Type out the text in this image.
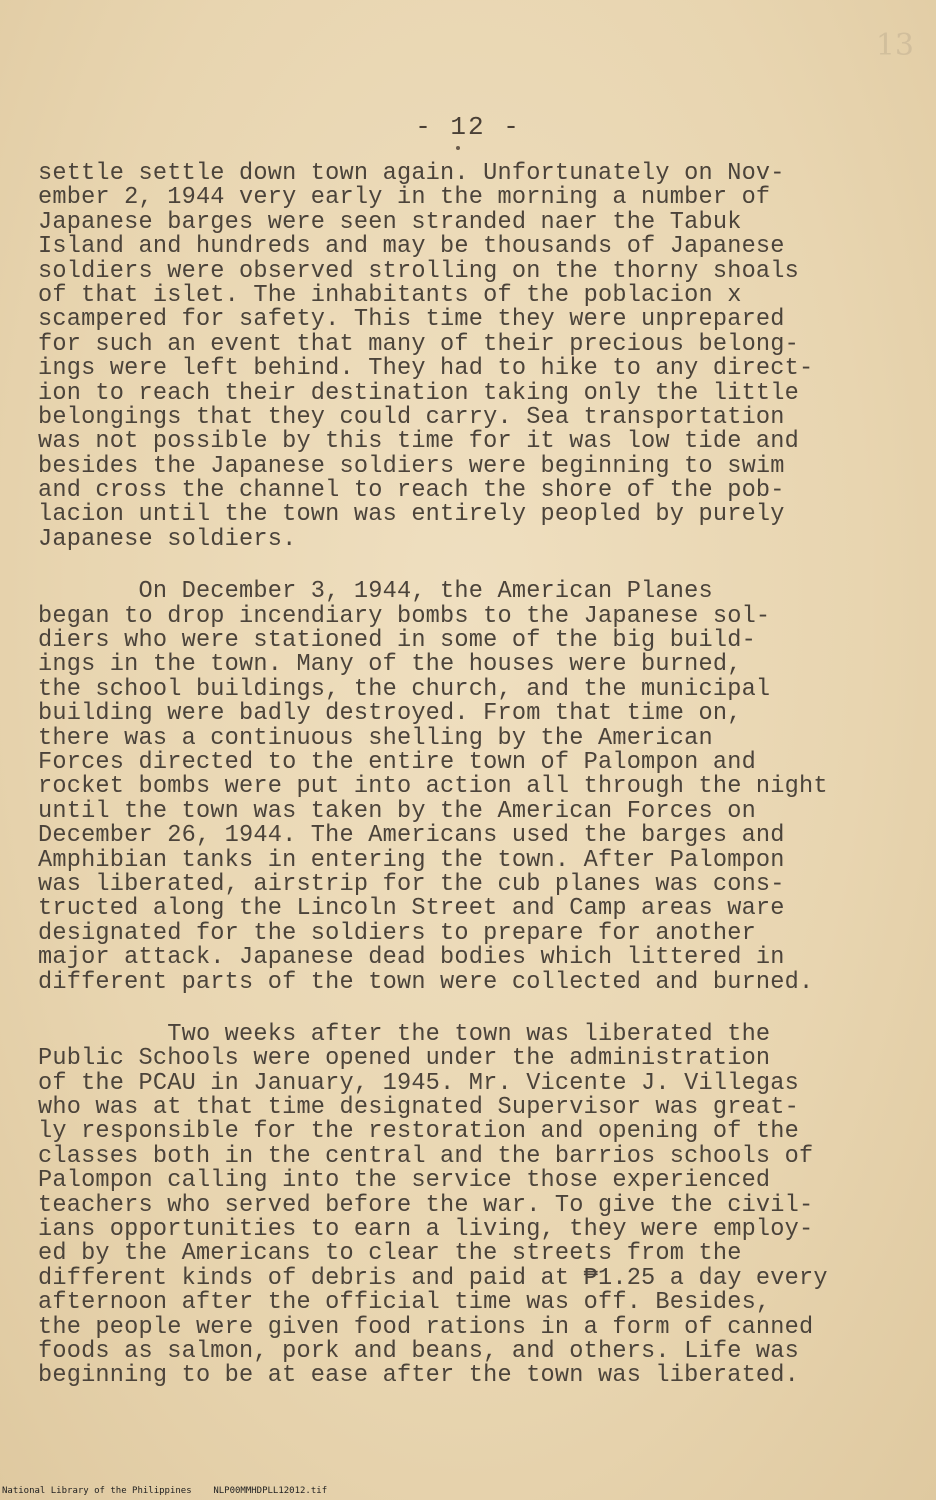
13
- 12 -
settle settle down town again. Unfortunately on Nov-
ember 2, 1944 very early in the morning a number of
Japanese barges were seen stranded naer the Tabuk
Island and hundreds and may be thousands of Japanese
soldiers were observed strolling on the thorny shoals
of that islet. The inhabitants of the poblacion x
scampered for safety. This time they were unprepared
for such an event that many of their precious belong-
ings were left behind. They had to hike to any direct-
ion to reach their destination taking only the little
belongings that they could carry. Sea transportation
was not possible by this time for it was low tide and
besides the Japanese soldiers were beginning to swim
and cross the channel to reach the shore of the pob-
lacion until the town was entirely peopled by purely
Japanese soldiers.
On December 3, 1944, the American Planes
began to drop incendiary bombs to the Japanese sol-
diers who were stationed in some of the big build-
ings in the town. Many of the houses were burned,
the school buildings, the church, and the municipal
building were badly destroyed. From that time on,
there was a continuous shelling by the American
Forces directed to the entire town of Palompon and
rocket bombs were put into action all through the night
until the town was taken by the American Forces on
December 26, 1944. The Americans used the barges and
Amphibian tanks in entering the town. After Palompon
was liberated, airstrip for the cub planes was cons-
tructed along the Lincoln Street and Camp areas ware
designated for the soldiers to prepare for another
major attack. Japanese dead bodies which littered in
different parts of the town were collected and burned.
Two weeks after the town was liberated the
Public Schools were opened under the administration
of the PCAU in January, 1945. Mr. Vicente J. Villegas
who was at that time designated Supervisor was great-
ly responsible for the restoration and opening of the
classes both in the central and the barrios schools of
Palompon calling into the service those experienced
teachers who served before the war. To give the civil-
ians opportunities to earn a living, they were employ-
ed by the Americans to clear the streets from the
different kinds of debris and paid at ₱1.25 a day every
afternoon after the official time was off. Besides,
the people were given food rations in a form of canned
foods as salmon, pork and beans, and others. Life was
beginning to be at ease after the town was liberated.
National Library of the Philippines    NLP00MMHDPLL12012.tif
